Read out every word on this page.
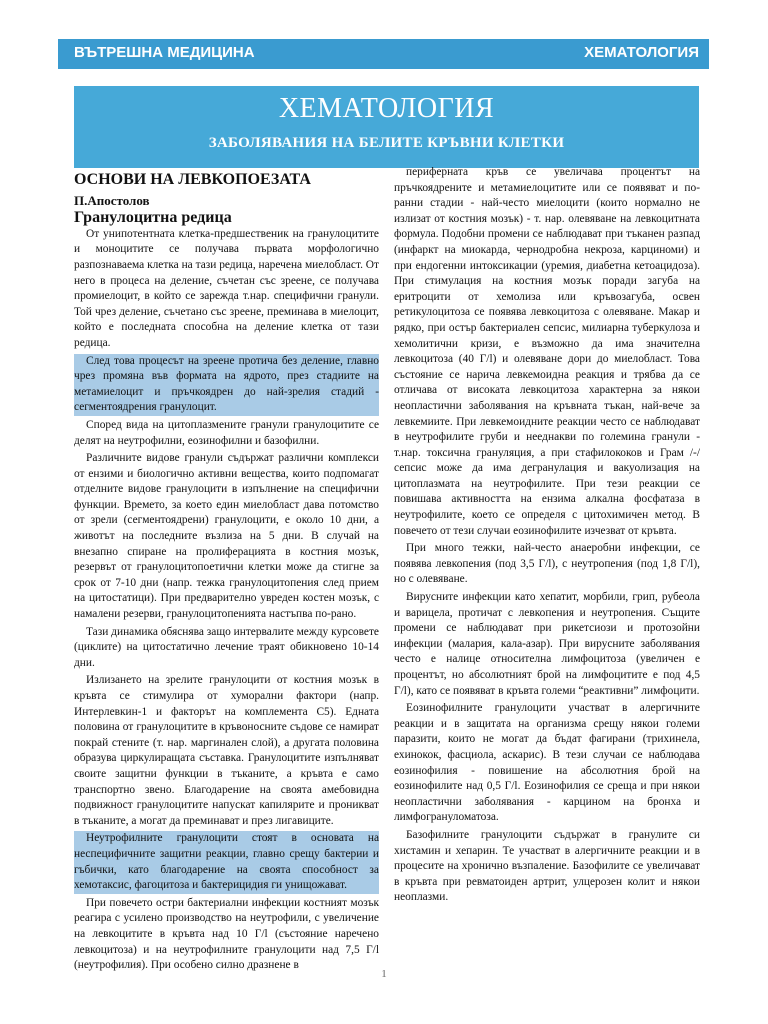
ВЪТРЕШНА МЕДИЦИНА	ХЕМАТОЛОГИЯ
ХЕМАТОЛОГИЯ
ЗАБОЛЯВАНИЯ НА БЕЛИТЕ КРЪВНИ КЛЕТКИ
ОСНОВИ НА ЛЕВКОПОЕЗАТА
П.Апостолов
Гранулоцитна редица

От унипотентната клетка-предшественик на гранулоцитите и моноцитите се получава първата морфологично разпознаваема клетка на тази редица, наречена миелобласт. От него в процеса на деление, съчетан със зреене, се получава промиелоцит, в който се зарежда т.нар. специфични гранули. Той чрез деление, съчетано със зреене, преминава в миелоцит, който е последната способна на деление клетка от тази редица.

След това процесът на зреене протича без деление, главно чрез промяна във формата на ядрото, през стадиите на метамиелоцит и пръчкоядрен до най-зрелия стадий - сегментоядрения гранулоцит.

Според вида на цитоплазмените гранули гранулоцитите се делят на неутрофилни, еозинофилни и базофилни.

Различните видове гранули съдържат различни комплекси от ензими и биологично активни вещества, които подпомагат отделните видове гранулоцити в изпълнение на специфични функции. Времето, за което един миелобласт дава потомство от зрели (сегментоядрени) гранулоцити, е около 10 дни, а животът на последните възлиза на 5 дни. В случай на внезапно спиране на пролиферацията в костния мозък, резервът от гранулоцитопоетични клетки може да стигне за срок от 7-10 дни (напр. тежка гранулоцитопения след прием на цитостатици). При предварително увреден костен мозък, с намалени резерви, гранулоцитопенията настъпва по-рано.

Тази динамика обяснява защо интервалите между курсовете (циклите) на цитостатично лечение траят обикновено 10-14 дни.

Излизането на зрелите гранулоцити от костния мозък в кръвта се стимулира от хуморални фактори (напр. Интерлевкин-1 и факторът на комплемента C5). Едната половина от гранулоцитите в кръвоносните съдове се намират покрай стените (т. нар. маргинален слой), а другата половина образува циркулиращата съставка. Гранулоцитите изпълняват своите защитни функции в тъканите, а кръвта е само транспортно звено. Благодарение на своята амебовидна подвижност гранулоцитите напускат капилярите и проникват в тъканите, а могат да преминават и през лигавиците.

Неутрофилните гранулоцити стоят в основата на неспецифичните защитни реакции, главно срещу бактерии и гъбички, като благодарение на своята способност за хемотаксис, фагоцитоза и бактерицидия ги унищожават.

При повечето остри бактериални инфекции костният мозък реагира с усилено производство на неутрофили, с увеличение на левкоцитите в кръвта над 10 Г/l (състояние наречено левкоцитоза) и на неутрофилните гранулоцити над 7,5 Г/l (неутрофилия). При особено силно дразнене в

периферната кръв се увеличава процентът на пръчкоядрените и метамиелоцитите или се появяват и по-ранни стадии - най-често миелоцити (които нормално не излизат от костния мозък) - т. нар. олевяване на левкоцитната формула. Подобни промени се наблюдават при тъканен разпад (инфаркт на миокарда, чернодробна некроза, карциноми) и при ендогенни интоксикации (уремия, диабетна кетоацидоза). При стимулация на костния мозък поради загуба на еритроцити от хемолиза или кръвозагуба, освен ретикулоцитоза се появява левкоцитоза с олевяване. Макар и рядко, при остър бактериален сепсис, милиарна туберкулоза и хемолитични кризи, е възможно да има значителна левкоцитоза (40 Г/l) и олевяване дори до миелобласт. Това състояние се нарича левкемоидна реакция и трябва да се отличава от високата левкоцитоза характерна за някои неопластични заболявания на кръвната тъкан, най-вече за левкемиите. При левкемоидните реакции често се наблюдават в неутрофилите груби и нееднакви по големина гранули - т.нар. токсична грануляция, а при стафилококов и Грам /-/ сепсис може да има дегранулация и вакуолизация на цитоплазмата на неутрофилите. При тези реакции се повишава активността на ензима алкална фосфатаза в неутрофилите, което се определя с цитохимичен метод. В повечето от тези случаи еозинофилите изчезват от кръвта.

При много тежки, най-често анаеробни инфекции, се появява левкопения (под 3,5 Г/l), с неутропения (под 1,8 Г/l), но с олевяване.

Вирусните инфекции като хепатит, морбили, грип, рубеола и варицела, протичат с левкопения и неутропения. Същите промени се наблюдават при рикетсиози и протозойни инфекции (малария, кала-азар). При вирусните заболявания често е налице относителна лимфоцитоза (увеличен е процентът, но абсолютният брой на лимфоцитите е под 4,5 Г/l), като се появяват в кръвта големи “реактивни” лимфоцити.

Еозинофилните гранулоцити участват в алергичните реакции и в защитата на организма срещу някои големи паразити, които не могат да бъдат фагирани (трихинела, ехинокок, фасциола, аскарис). В тези случаи се наблюдава еозинофилия - повишение на абсолютния брой на еозинофилите над 0,5 Г/l. Еозинофилия се среща и при някои неопластични заболявания - карцином на бронха и лимфогрануломатоза.

Базофилните гранулоцити съдържат в гранулите си хистамин и хепарин. Те участват в алергичните реакции и в процесите на хронично възпаление. Базофилите се увеличават в кръвта при ревматоиден артрит, улцерозен колит и някои неоплазми.

1
